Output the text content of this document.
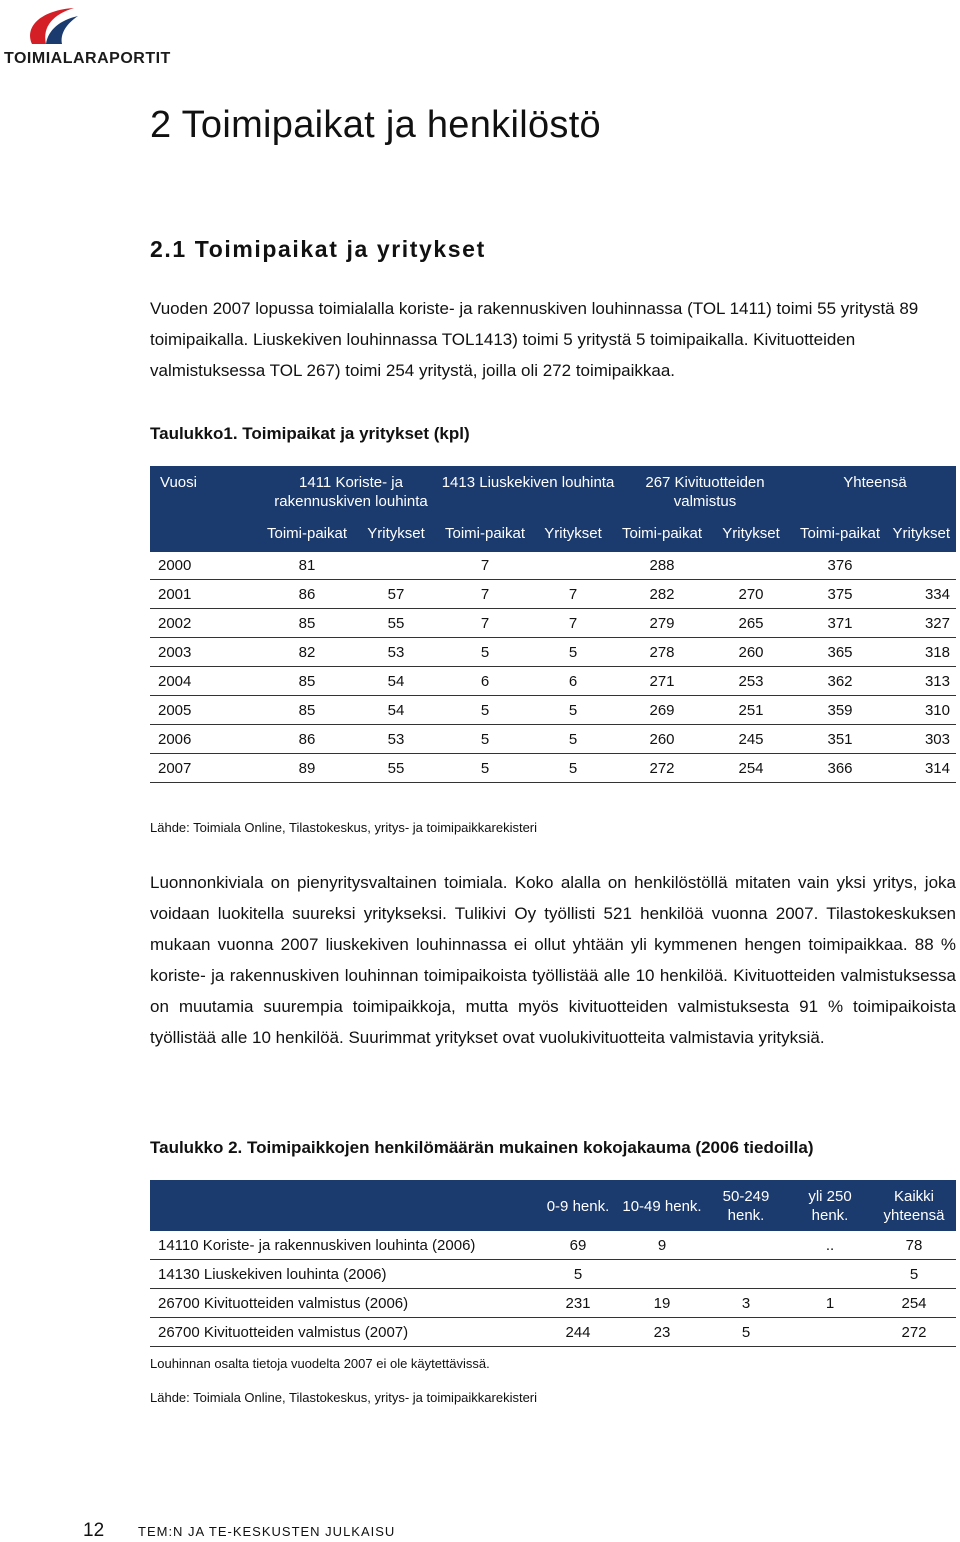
TOIMIALARAPORTIT
2 Toimipaikat ja henkilöstö
2.1 Toimipaikat ja yritykset

Vuoden 2007 lopussa toimialalla koriste- ja rakennuskiven louhinnassa (TOL 1411) toimi 55 yritystä 89 toimipaikalla. Liuskekiven louhinnassa TOL1413) toimi 5 yritystä 5 toimipaikalla. Kivituotteiden valmistuksessa TOL 267) toimi 254 yritystä, joilla oli 272 toimipaikkaa.

Taulukko1. Toimipaikat ja yritykset (kpl)

Vuosi	1411 Koriste- ja rakennuskiven louhinta		1413 Liuskekiven louhinta		267 Kivituotteiden valmistus		Yhteensä	
	Toimi-paikat	Yritykset	Toimi-paikat	Yritykset	Toimi-paikat	Yritykset	Toimi-paikat	Yritykset
2000	81		7		288		376	
2001	86	57	7	7	282	270	375	334
2002	85	55	7	7	279	265	371	327
2003	82	53	5	5	278	260	365	318
2004	85	54	6	6	271	253	362	313
2005	85	54	5	5	269	251	359	310
2006	86	53	5	5	260	245	351	303
2007	89	55	5	5	272	254	366	314

Lähde: Toimiala Online, Tilastokeskus, yritys- ja toimipaikkarekisteri

Luonnonkiviala on pienyritysvaltainen toimiala. Koko alalla on henkilöstöllä mitaten vain yksi yritys, joka voidaan luokitella suureksi yritykseksi. Tulikivi Oy työllisti 521 henkilöä vuonna 2007. Tilastokeskuksen mukaan vuonna 2007 liuskekiven louhinnassa ei ollut yhtään yli kymmenen hengen toimipaikkaa. 88 % koriste- ja rakennuskiven louhinnan toimipaikoista työllistää alle 10 henkilöä. Kivituotteiden valmistuksessa on muutamia suurempia toimipaikkoja, mutta myös kivituotteiden valmistuksesta 91 % toimipaikoista työllistää alle 10 henkilöä. Suurimmat yritykset ovat vuolukivituotteita valmistavia yrityksiä.

Taulukko 2. Toimipaikkojen henkilömäärän mukainen kokojakauma (2006 tiedoilla)

	0-9 henk.	10-49 henk.	50-249 henk.	yli 250 henk.	Kaikki yhteensä
14110 Koriste- ja rakennuskiven louhinta (2006)	69	9		..	78
14130 Liuskekiven louhinta (2006)	5				5
26700 Kivituotteiden valmistus (2006)	231	19	3	1	254
26700 Kivituotteiden valmistus (2007)	244	23	5		272

Louhinnan osalta tietoja vuodelta 2007 ei ole käytettävissä.

Lähde: Toimiala Online, Tilastokeskus, yritys- ja toimipaikkarekisteri

12	TEM:N JA TE-KESKUSTEN JULKAISU
